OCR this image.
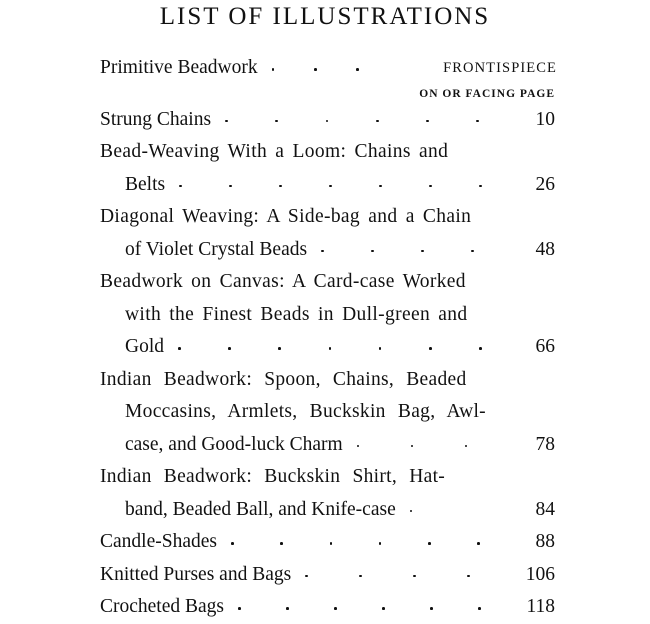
LIST OF ILLUSTRATIONS
Primitive Beadwork	FRONTISPIECE
ON OR FACING PAGE
Strung Chains	10
Bead-Weaving With a Loom: Chains and
Belts	26
Diagonal Weaving: A Side-bag and a Chain
of Violet Crystal Beads	48
Beadwork on Canvas: A Card-case Worked
with the Finest Beads in Dull-green and
Gold	66
Indian Beadwork: Spoon, Chains, Beaded
Moccasins, Armlets, Buckskin Bag, Awl-
case, and Good-luck Charm	78
Indian Beadwork: Buckskin Shirt, Hat-
band, Beaded Ball, and Knife-case	84
Candle-Shades	88
Knitted Purses and Bags	106
Crocheted Bags	118
